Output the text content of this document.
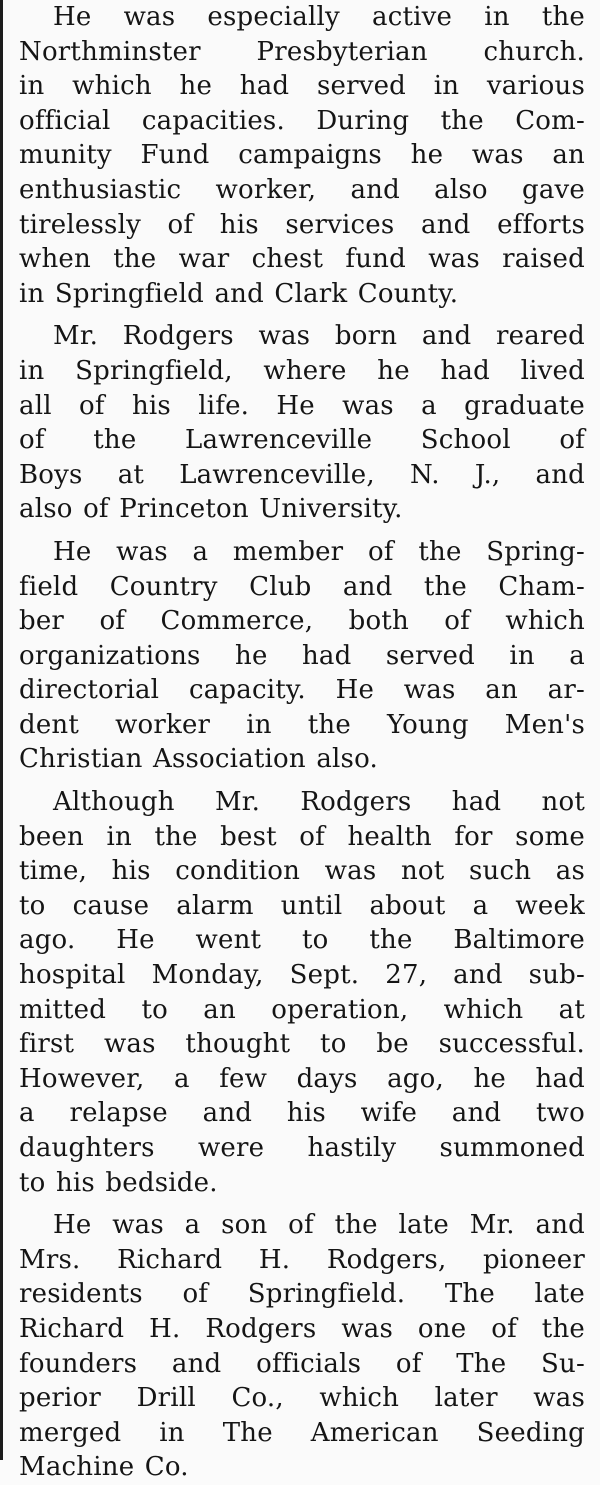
He was especially active in the
Northminster Presbyterian church.
in which he had served in various
official capacities. During the Com-
munity Fund campaigns he was an
enthusiastic worker, and also gave
tirelessly of his services and efforts
when the war chest fund was raised
in Springfield and Clark County.
Mr. Rodgers was born and reared
in Springfield, where he had lived
all of his life. He was a graduate
of the Lawrenceville School of
Boys at Lawrenceville, N. J., and
also of Princeton University.
He was a member of the Spring-
field Country Club and the Cham-
ber of Commerce, both of which
organizations he had served in a
directorial capacity. He was an ar-
dent worker in the Young Men's
Christian Association also.
Although Mr. Rodgers had not
been in the best of health for some
time, his condition was not such as
to cause alarm until about a week
ago. He went to the Baltimore
hospital Monday, Sept. 27, and sub-
mitted to an operation, which at
first was thought to be successful.
However, a few days ago, he had
a relapse and his wife and two
daughters were hastily summoned
to his bedside.
He was a son of the late Mr. and
Mrs. Richard H. Rodgers, pioneer
residents of Springfield. The late
Richard H. Rodgers was one of the
founders and officials of The Su-
perior Drill Co., which later was
merged in The American Seeding
Machine Co.
